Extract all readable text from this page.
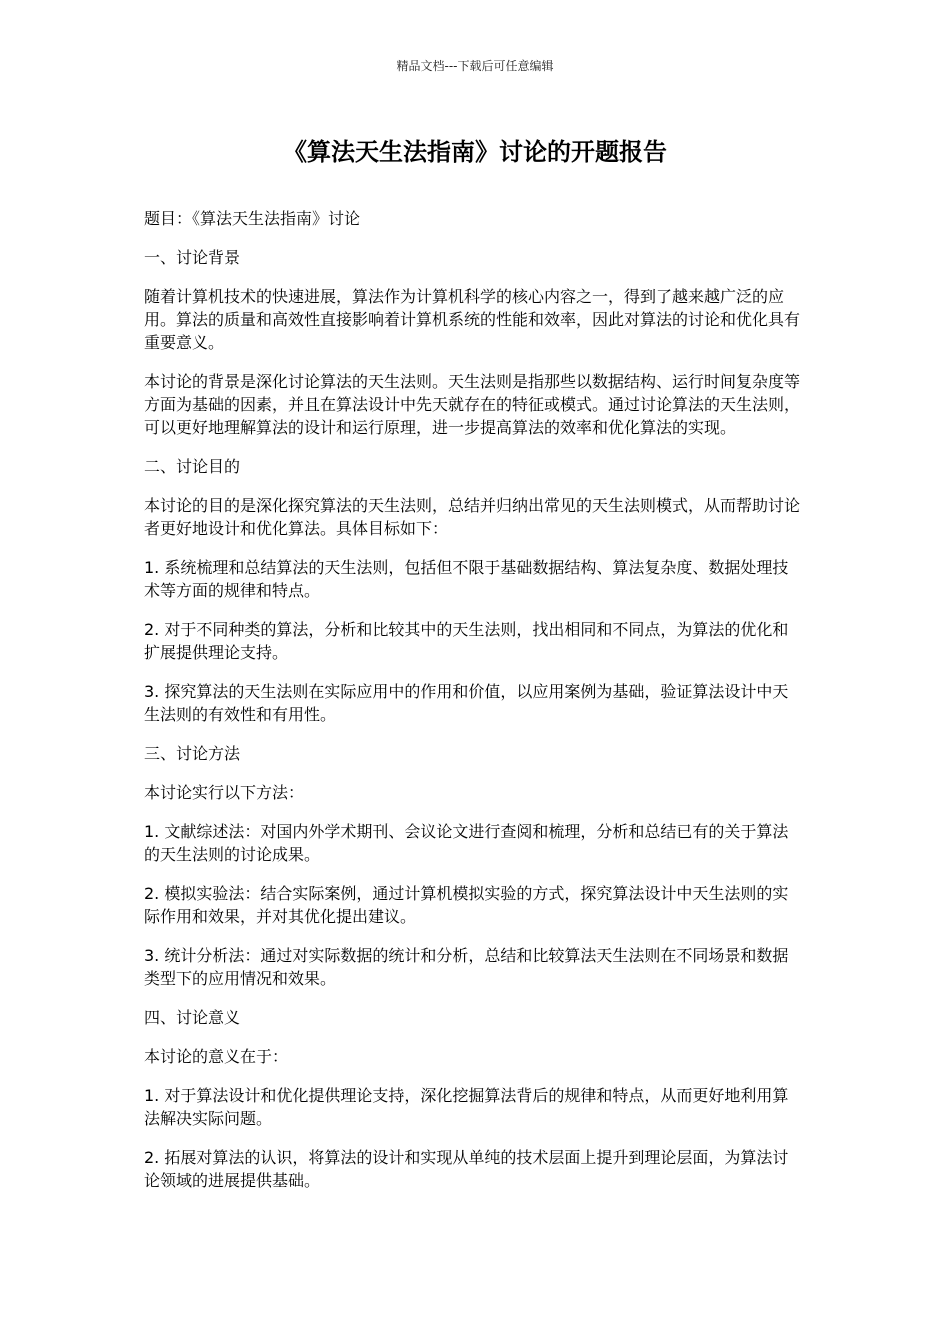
精品文档---下载后可任意编辑
《算法天生法指南》讨论的开题报告

题目：《算法天生法指南》讨论

一、讨论背景

随着计算机技术的快速进展，算法作为计算机科学的核心内容之一，得到了越来越广泛的应用。算法的质量和高效性直接影响着计算机系统的性能和效率，因此对算法的讨论和优化具有重要意义。

本讨论的背景是深化讨论算法的天生法则。天生法则是指那些以数据结构、运行时间复杂度等方面为基础的因素，并且在算法设计中先天就存在的特征或模式。通过讨论算法的天生法则，可以更好地理解算法的设计和运行原理，进一步提高算法的效率和优化算法的实现。

二、讨论目的

本讨论的目的是深化探究算法的天生法则，总结并归纳出常见的天生法则模式，从而帮助讨论者更好地设计和优化算法。具体目标如下：

1. 系统梳理和总结算法的天生法则，包括但不限于基础数据结构、算法复杂度、数据处理技术等方面的规律和特点。

2. 对于不同种类的算法，分析和比较其中的天生法则，找出相同和不同点，为算法的优化和扩展提供理论支持。

3. 探究算法的天生法则在实际应用中的作用和价值，以应用案例为基础，验证算法设计中天生法则的有效性和有用性。

三、讨论方法

本讨论实行以下方法：

1. 文献综述法：对国内外学术期刊、会议论文进行查阅和梳理，分析和总结已有的关于算法的天生法则的讨论成果。

2. 模拟实验法：结合实际案例，通过计算机模拟实验的方式，探究算法设计中天生法则的实际作用和效果，并对其优化提出建议。

3. 统计分析法：通过对实际数据的统计和分析，总结和比较算法天生法则在不同场景和数据类型下的应用情况和效果。

四、讨论意义

本讨论的意义在于：

1. 对于算法设计和优化提供理论支持，深化挖掘算法背后的规律和特点，从而更好地利用算法解决实际问题。

2. 拓展对算法的认识，将算法的设计和实现从单纯的技术层面上提升到理论层面，为算法讨论领域的进展提供基础。
